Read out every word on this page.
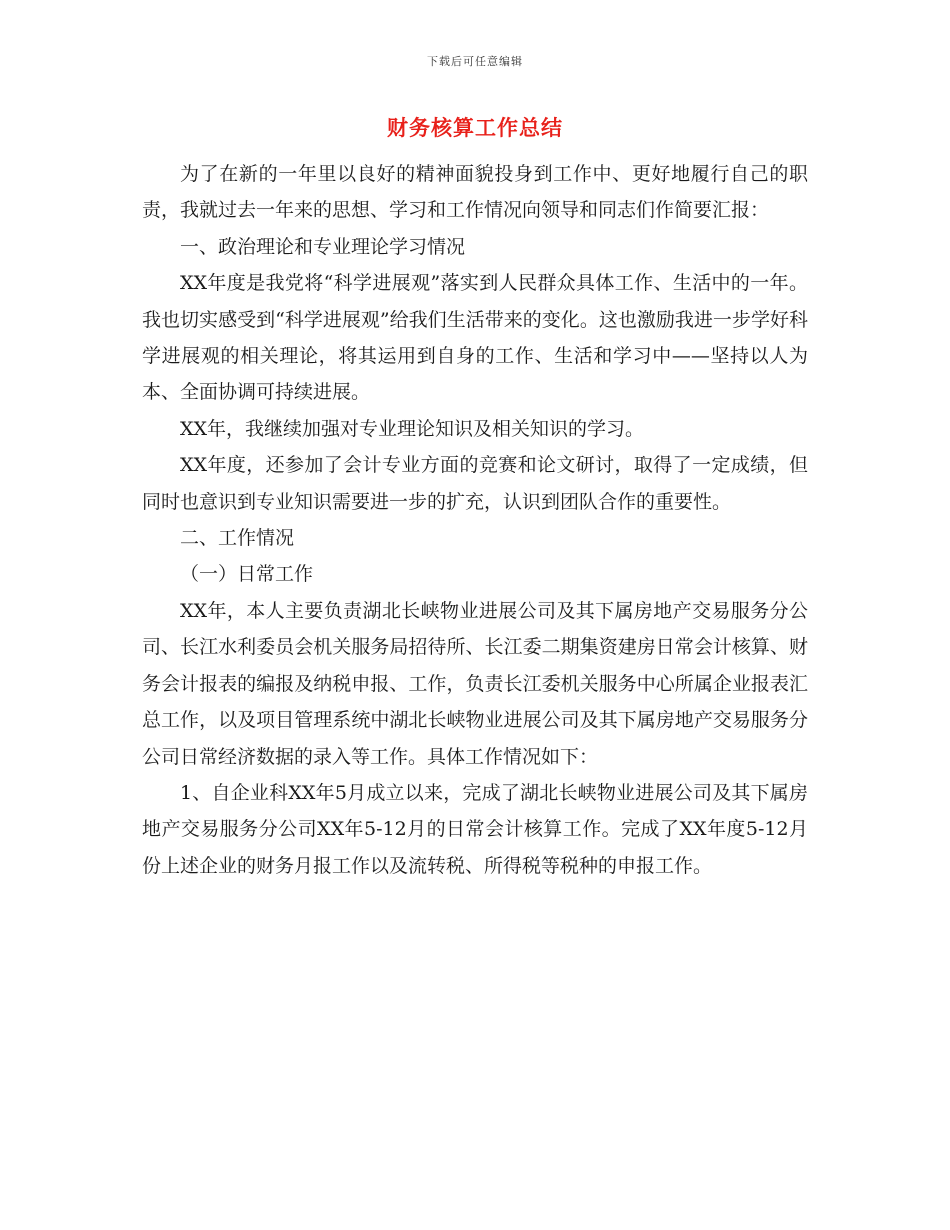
下载后可任意编辑
财务核算工作总结

为了在新的一年里以良好的精神面貌投身到工作中、更好地履行自己的职责，我就过去一年来的思想、学习和工作情况向领导和同志们作简要汇报：

一、政治理论和专业理论学习情况

XX年度是我党将“科学进展观”落实到人民群众具体工作、生活中的一年。我也切实感受到“科学进展观”给我们生活带来的变化。这也激励我进一步学好科学进展观的相关理论，将其运用到自身的工作、生活和学习中——坚持以人为本、全面协调可持续进展。

XX年，我继续加强对专业理论知识及相关知识的学习。

XX年度，还参加了会计专业方面的竞赛和论文研讨，取得了一定成绩，但同时也意识到专业知识需要进一步的扩充，认识到团队合作的重要性。

二、工作情况

（一）日常工作

XX年，本人主要负责湖北长峡物业进展公司及其下属房地产交易服务分公司、长江水利委员会机关服务局招待所、长江委二期集资建房日常会计核算、财务会计报表的编报及纳税申报、工作，负责长江委机关服务中心所属企业报表汇总工作，以及项目管理系统中湖北长峡物业进展公司及其下属房地产交易服务分公司日常经济数据的录入等工作。具体工作情况如下：

1、自企业科XX年5月成立以来，完成了湖北长峡物业进展公司及其下属房地产交易服务分公司XX年5-12月的日常会计核算工作。完成了XX年度5-12月份上述企业的财务月报工作以及流转税、所得税等税种的申报工作。
